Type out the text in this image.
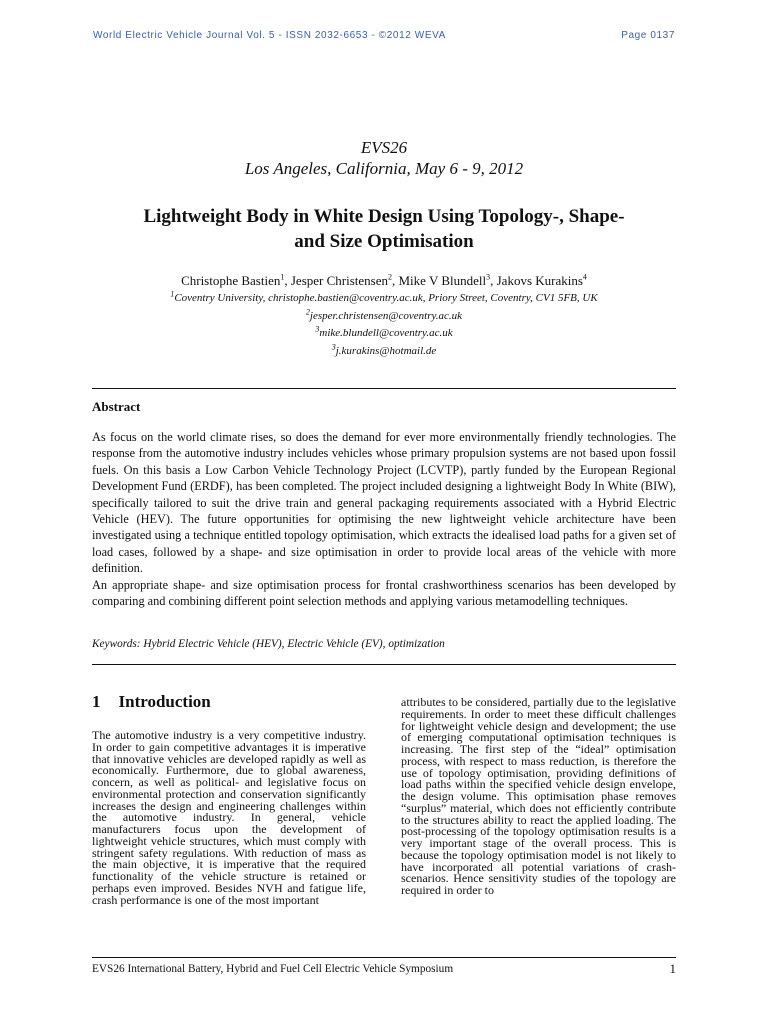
World Electric Vehicle Journal Vol. 5 - ISSN 2032-6653 - ©2012 WEVA	Page 0137
EVS26
Los Angeles, California, May 6 - 9, 2012
Lightweight Body in White Design Using Topology-, Shape-
and Size Optimisation
Christophe Bastien$^1$, Jesper Christensen$^2$, Mike V Blundell$^3$, Jakovs Kurakins$^4$
$^1$Coventry University, christophe.bastien@coventry.ac.uk, Priory Street, Coventry, CV1 5FB, UK
$^2$jesper.christensen@coventry.ac.uk
$^3$mike.blundell@coventry.ac.uk
$^3$j.kurakins@hotmail.de
Abstract

As focus on the world climate rises, so does the demand for ever more environmentally friendly technologies. The response from the automotive industry includes vehicles whose primary propulsion systems are not based upon fossil fuels. On this basis a Low Carbon Vehicle Technology Project (LCVTP), partly funded by the European Regional Development Fund (ERDF), has been completed. The project included designing a lightweight Body In White (BIW), specifically tailored to suit the drive train and general packaging requirements associated with a Hybrid Electric Vehicle (HEV). The future opportunities for optimising the new lightweight vehicle architecture have been investigated using a technique entitled topology optimisation, which extracts the idealised load paths for a given set of load cases, followed by a shape- and size optimisation in order to provide local areas of the vehicle with more definition.

An appropriate shape- and size optimisation process for frontal crashworthiness scenarios has been developed by comparing and combining different point selection methods and applying various metamodelling techniques.

Keywords: Hybrid Electric Vehicle (HEV), Electric Vehicle (EV), optimization
1 Introduction
The automotive industry is a very competitive industry. In order to gain competitive advantages it is imperative that innovative vehicles are developed rapidly as well as economically. Furthermore, due to global awareness, concern, as well as political- and legislative focus on environmental protection and conservation significantly increases the design and engineering challenges within the automotive industry. In general, vehicle manufacturers focus upon the development of lightweight vehicle structures, which must comply with stringent safety regulations. With reduction of mass as the main objective, it is imperative that the required functionality of the vehicle structure is retained or perhaps even improved. Besides NVH and fatigue life, crash performance is one of the most important
attributes to be considered, partially due to the legislative requirements. In order to meet these difficult challenges for lightweight vehicle design and development; the use of emerging computational optimisation techniques is increasing. The first step of the “ideal” optimisation process, with respect to mass reduction, is therefore the use of topology optimisation, providing definitions of load paths within the specified vehicle design envelope, the design volume. This optimisation phase removes “surplus” material, which does not efficiently contribute to the structures ability to react the applied loading. The post-processing of the topology optimisation results is a very important stage of the overall process. This is because the topology optimisation model is not likely to have incorporated all potential variations of crash-scenarios. Hence sensitivity studies of the topology are required in order to
EVS26 International Battery, Hybrid and Fuel Cell Electric Vehicle Symposium	1
